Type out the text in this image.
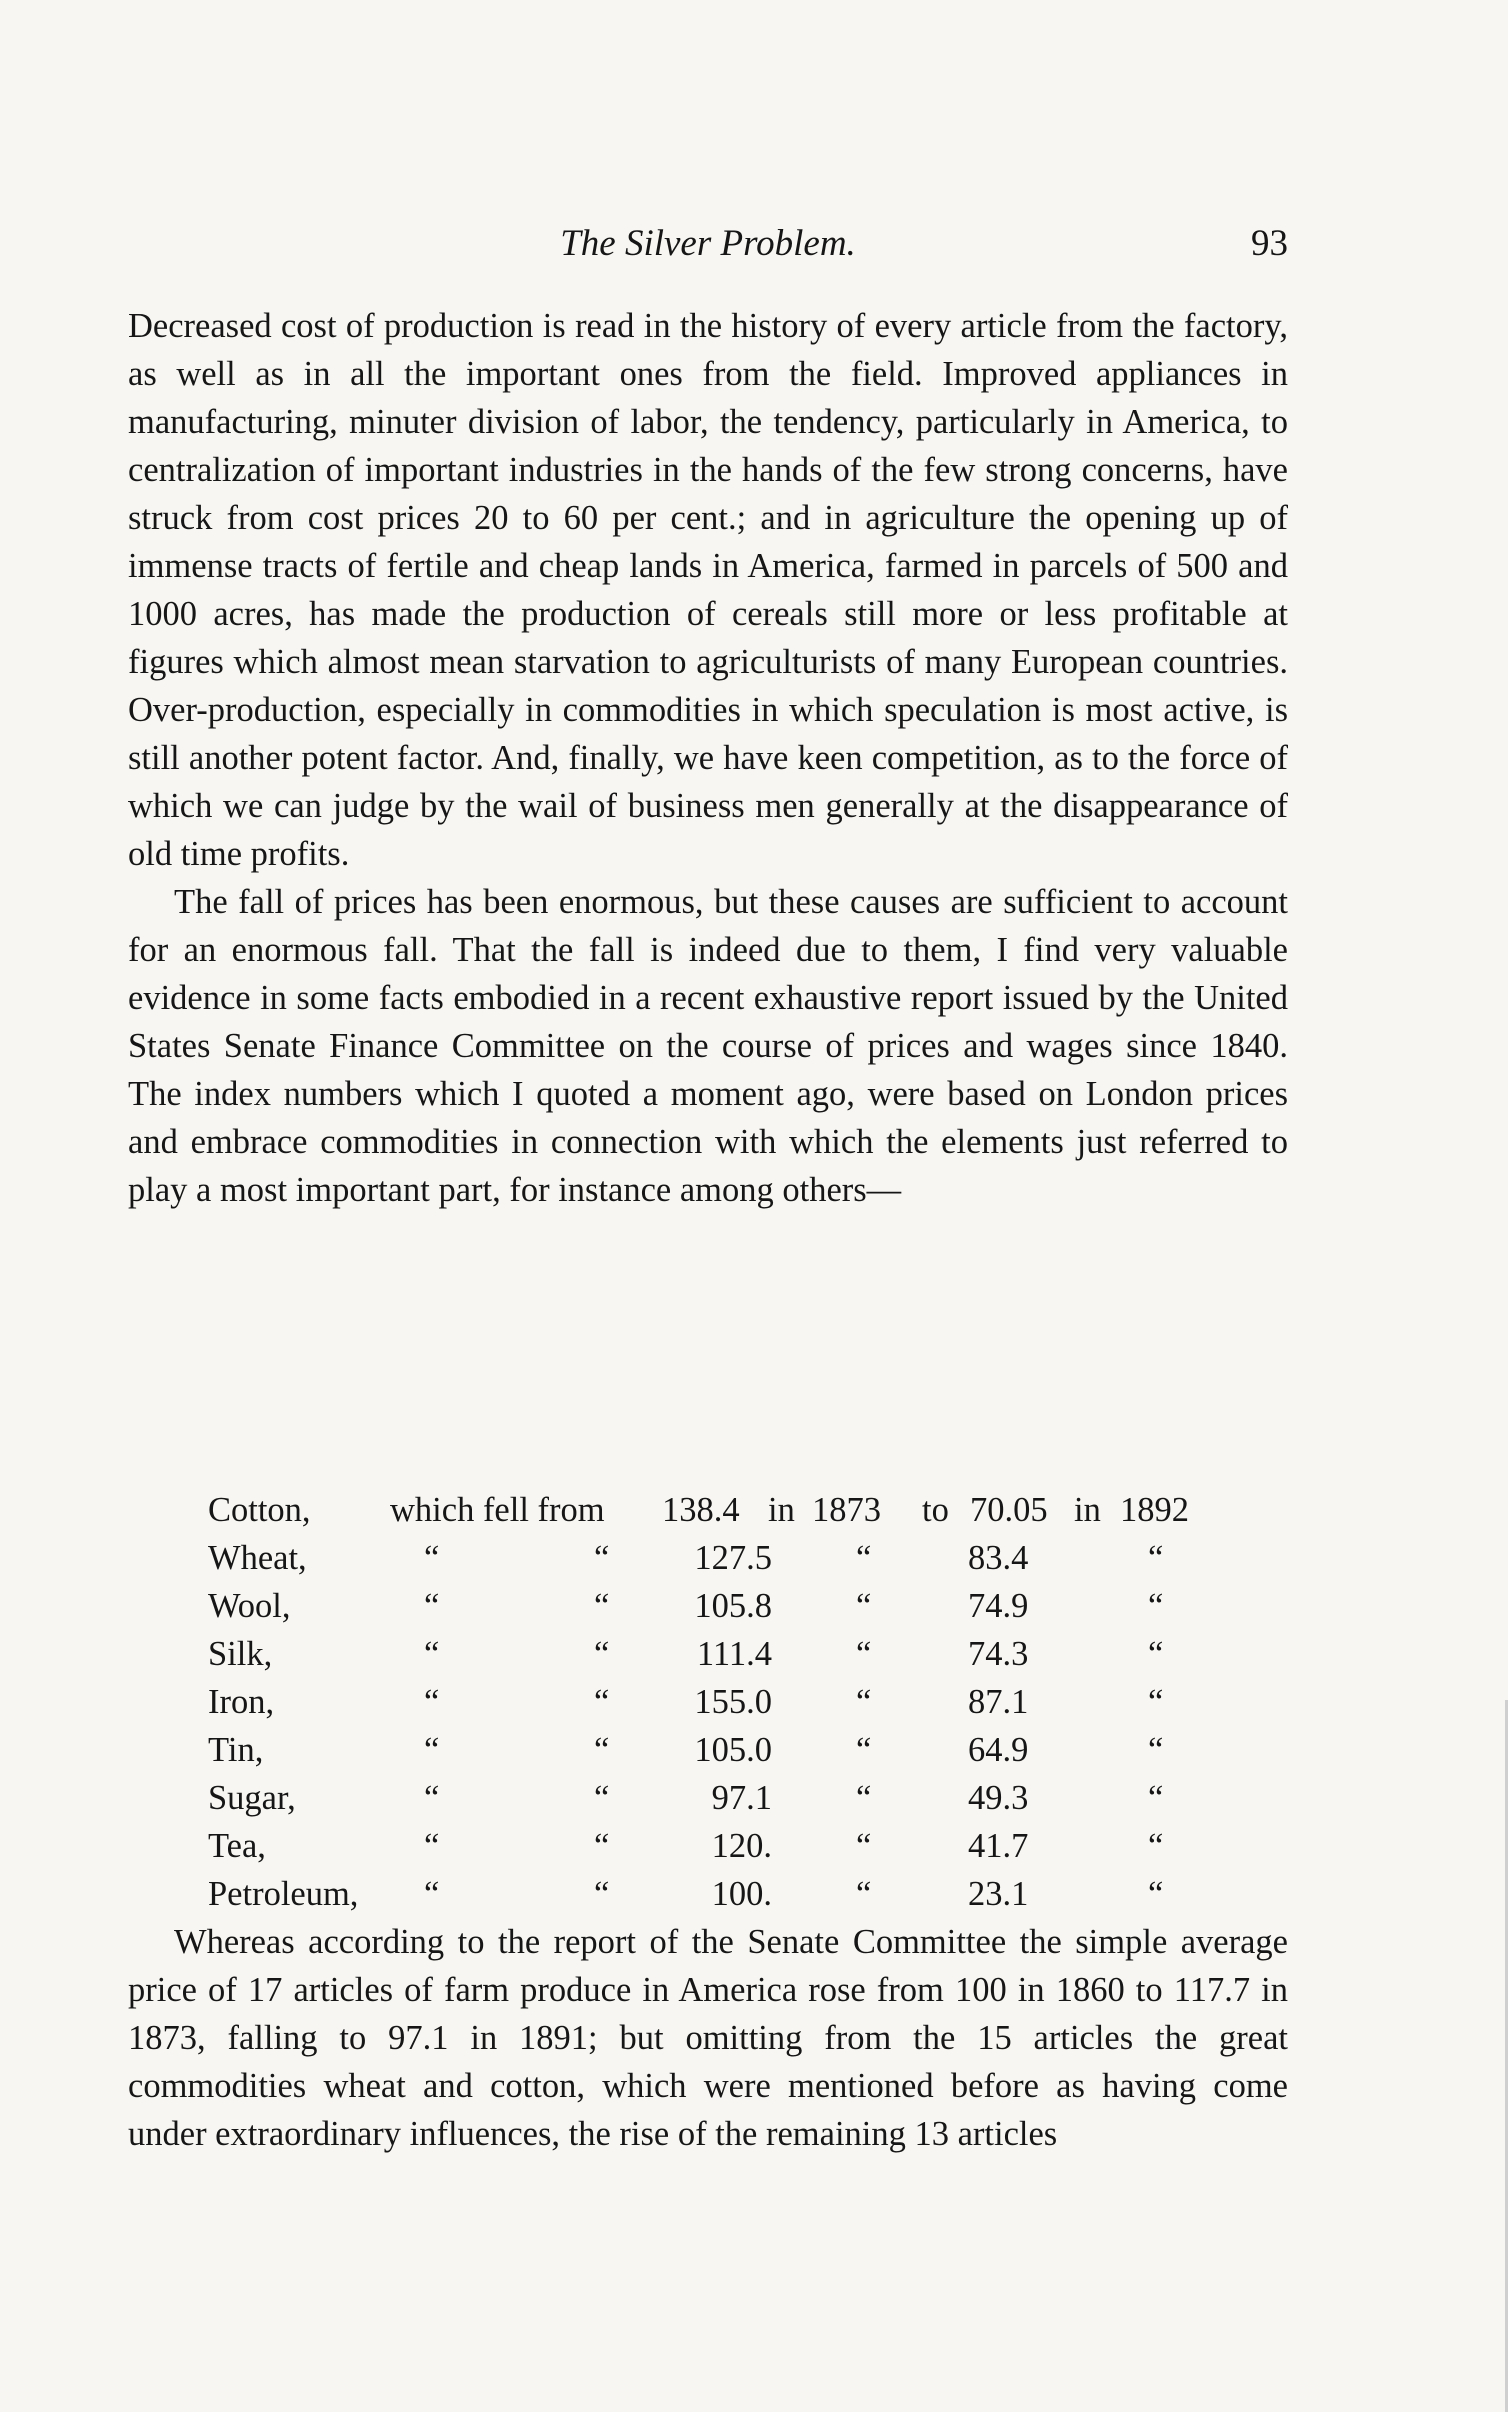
The Silver Problem.	93

Decreased cost of production is read in the history of every article from the factory, as well as in all the important ones from the field. Improved appliances in manufacturing, minuter division of labor, the tendency, particularly in America, to centralization of important industries in the hands of the few strong concerns, have struck from cost prices 20 to 60 per cent.; and in agriculture the opening up of immense tracts of fertile and cheap lands in America, farmed in parcels of 500 and 1000 acres, has made the production of cereals still more or less profitable at figures which almost mean starvation to agriculturists of many European countries. Over-production, especially in commodities in which speculation is most active, is still another potent factor. And, finally, we have keen competition, as to the force of which we can judge by the wail of business men generally at the disappearance of old time profits.

The fall of prices has been enormous, but these causes are sufficient to account for an enormous fall. That the fall is indeed due to them, I find very valuable evidence in some facts embodied in a recent exhaustive report issued by the United States Senate Finance Committee on the course of prices and wages since 1840. The index numbers which I quoted a moment ago, were based on London prices and embrace commodities in connection with which the elements just referred to play a most important part, for instance among others—

Cotton, which fell from 138.4 in 1873 to 70.05 in 1892
Wheat,	“	“	127.5 “	83.4	“
Wool,	“	“	105.8 “	74.9	“
Silk,	“	“	111.4 “	74.3	“
Iron,	“	“	155.0 “	87.1	“
Tin,	“	“	105.0 “	64.9	“
Sugar,	“	“	97.1 “	49.3	“
Tea,	“	“	120. “	41.7	“
Petroleum, “	“	100. “	23.1	“

Whereas according to the report of the Senate Committee the simple average price of 17 articles of farm produce in America rose from 100 in 1860 to 117.7 in 1873, falling to 97.1 in 1891; but omitting from the 15 articles the great commodities wheat and cotton, which were mentioned before as having come under extraordinary influences, the rise of the remaining 13 articles
